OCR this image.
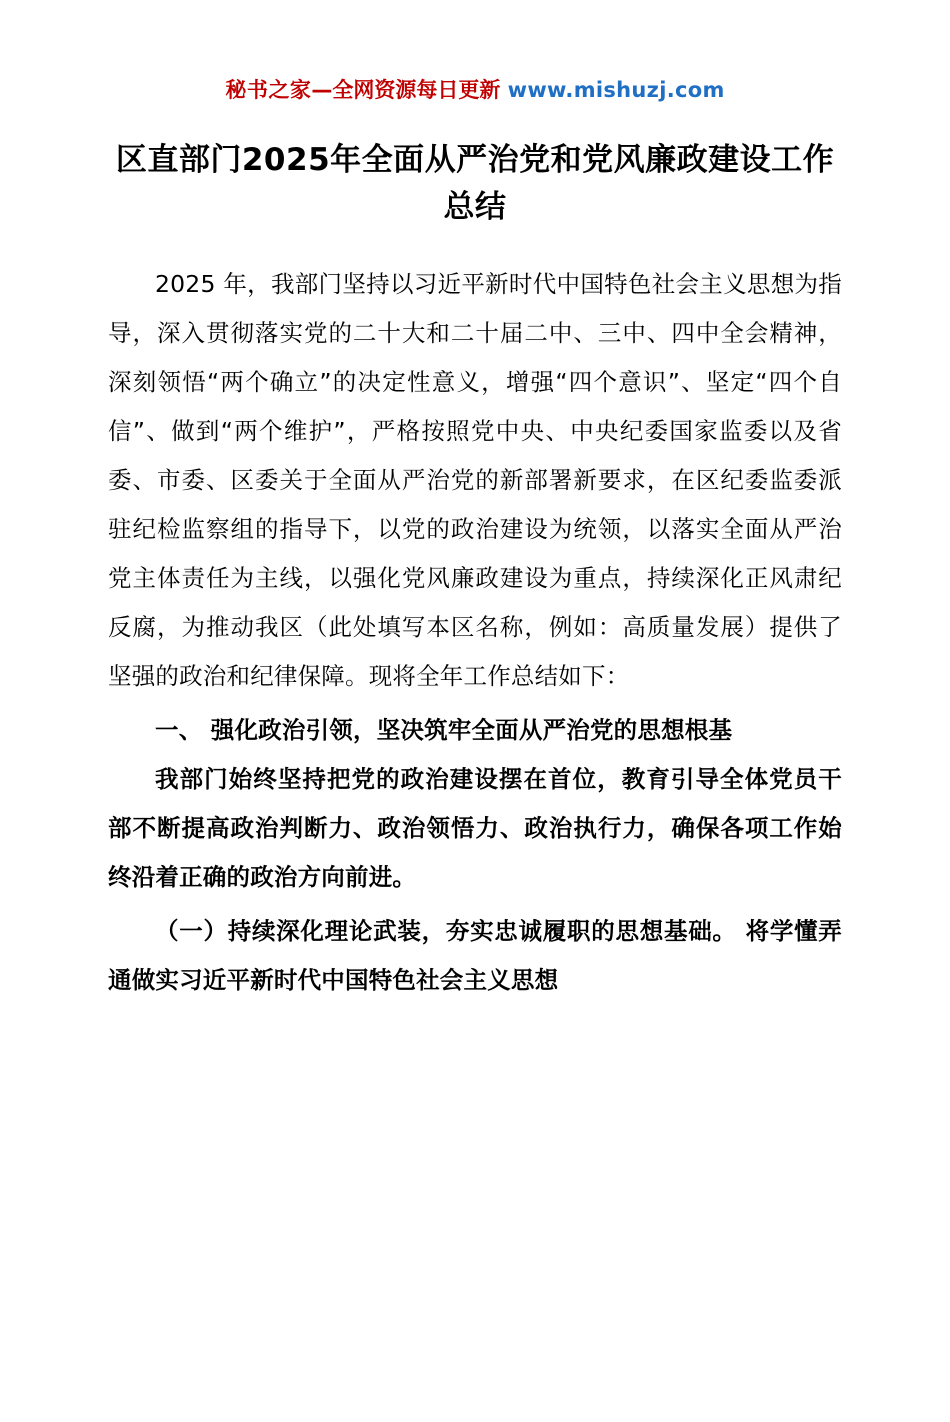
秘书之家—全网资源每日更新 www.mishuzj.com
区直部门2025年全面从严治党和党风廉政建设工作总结

2025 年，我部门坚持以习近平新时代中国特色社会主义思想为指导，深入贯彻落实党的二十大和二十届二中、三中、四中全会精神，深刻领悟“两个确立”的决定性意义，增强“四个意识”、坚定“四个自信”、做到“两个维护”，严格按照党中央、中央纪委国家监委以及省委、市委、区委关于全面从严治党的新部署新要求，在区纪委监委派驻纪检监察组的指导下，以党的政治建设为统领，以落实全面从严治党主体责任为主线，以强化党风廉政建设为重点，持续深化正风肃纪反腐，为推动我区（此处填写本区名称，例如：高质量发展）提供了坚强的政治和纪律保障。现将全年工作总结如下：

一、 强化政治引领，坚决筑牢全面从严治党的思想根基

我部门始终坚持把党的政治建设摆在首位，教育引导全体党员干部不断提高政治判断力、政治领悟力、政治执行力，确保各项工作始终沿着正确的政治方向前进。

（一）持续深化理论武装，夯实忠诚履职的思想基础。 将学懂弄通做实习近平新时代中国特色社会主义思想
